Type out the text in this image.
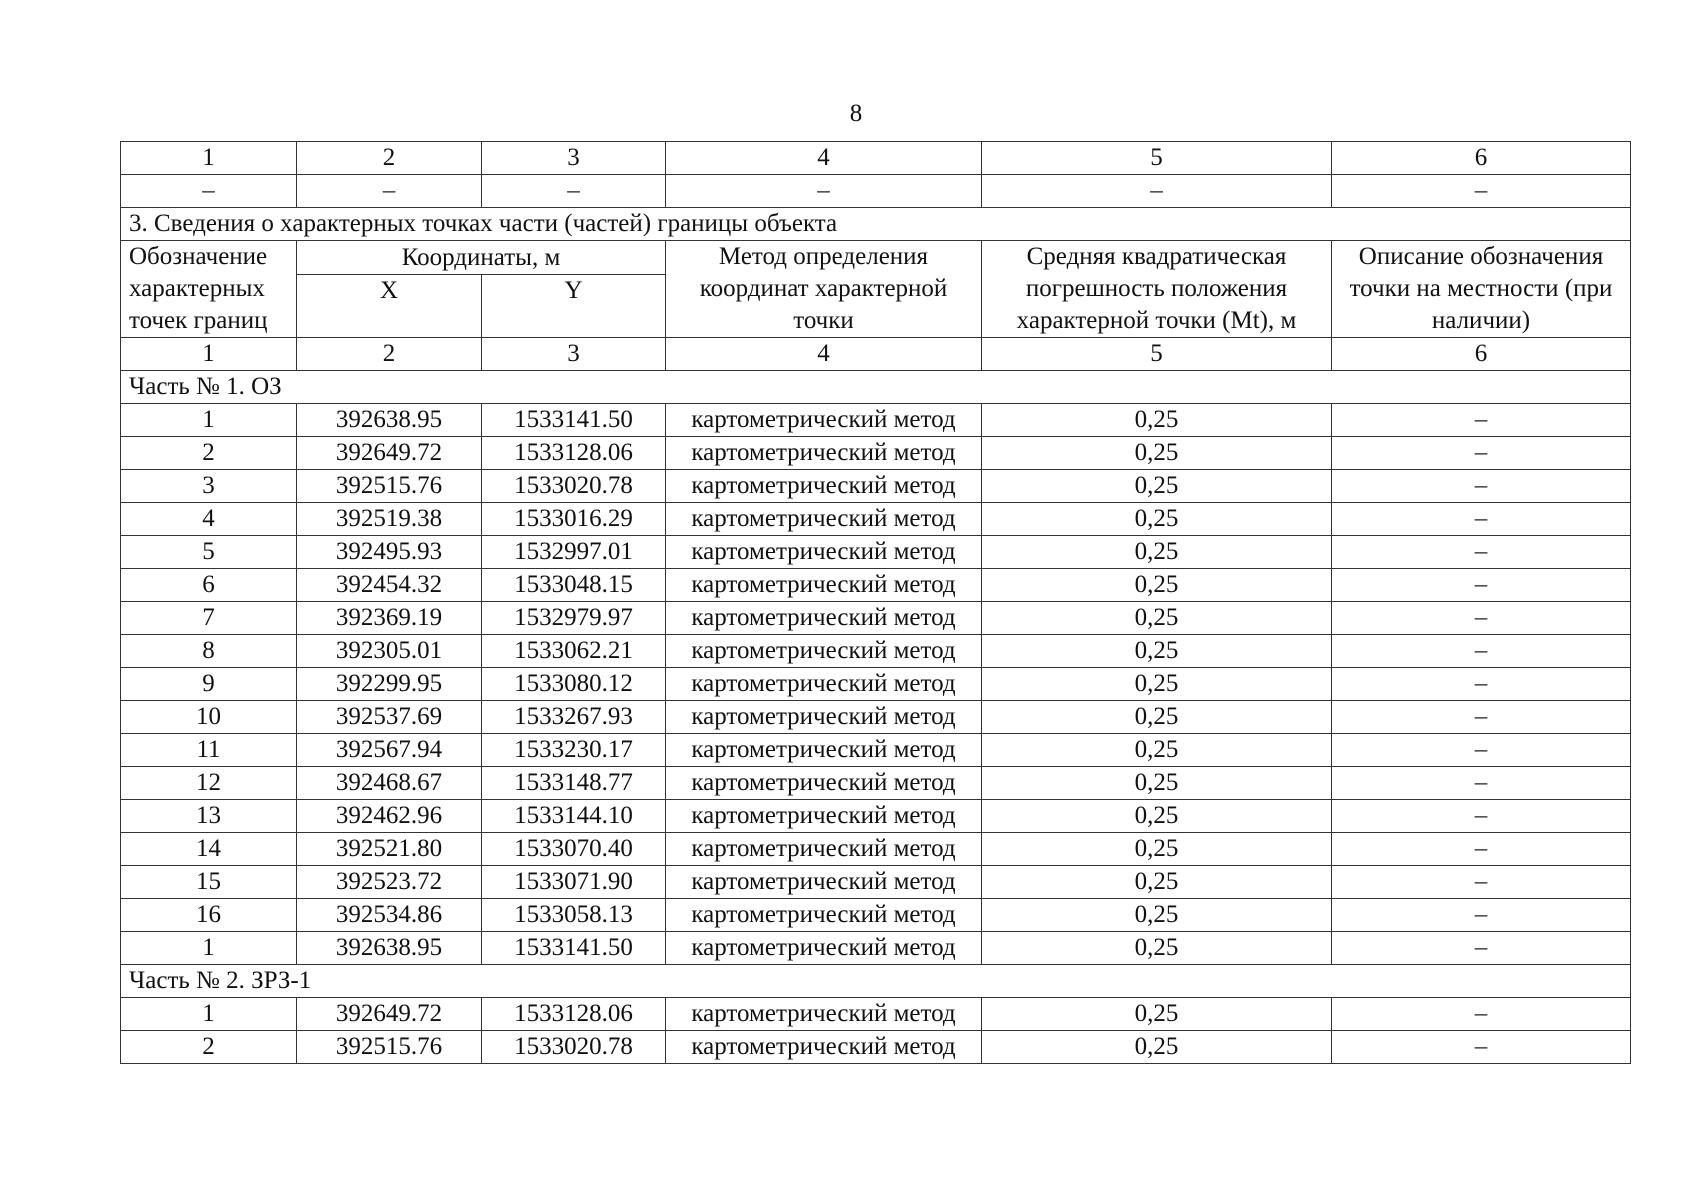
8
1	2	3	4	5	6
–	–	–	–	–	–
3. Сведения о характерных точках части (частей) границы объекта					
Обозначение характерных точек границ	Координаты, м		Метод определения координат характерной точки	Средняя квадратическая погрешность положения характерной точки (Mt), м	Описание обозначения точки на местности (при наличии)
	X	Y			
1	2	3	4	5	6
Часть № 1. ОЗ					
1	392638.95	1533141.50	картометрический метод	0,25	–
2	392649.72	1533128.06	картометрический метод	0,25	–
3	392515.76	1533020.78	картометрический метод	0,25	–
4	392519.38	1533016.29	картометрический метод	0,25	–
5	392495.93	1532997.01	картометрический метод	0,25	–
6	392454.32	1533048.15	картометрический метод	0,25	–
7	392369.19	1532979.97	картометрический метод	0,25	–
8	392305.01	1533062.21	картометрический метод	0,25	–
9	392299.95	1533080.12	картометрический метод	0,25	–
10	392537.69	1533267.93	картометрический метод	0,25	–
11	392567.94	1533230.17	картометрический метод	0,25	–
12	392468.67	1533148.77	картометрический метод	0,25	–
13	392462.96	1533144.10	картометрический метод	0,25	–
14	392521.80	1533070.40	картометрический метод	0,25	–
15	392523.72	1533071.90	картометрический метод	0,25	–
16	392534.86	1533058.13	картометрический метод	0,25	–
1	392638.95	1533141.50	картометрический метод	0,25	–
Часть № 2. ЗРЗ-1					
1	392649.72	1533128.06	картометрический метод	0,25	–
2	392515.76	1533020.78	картометрический метод	0,25	–
